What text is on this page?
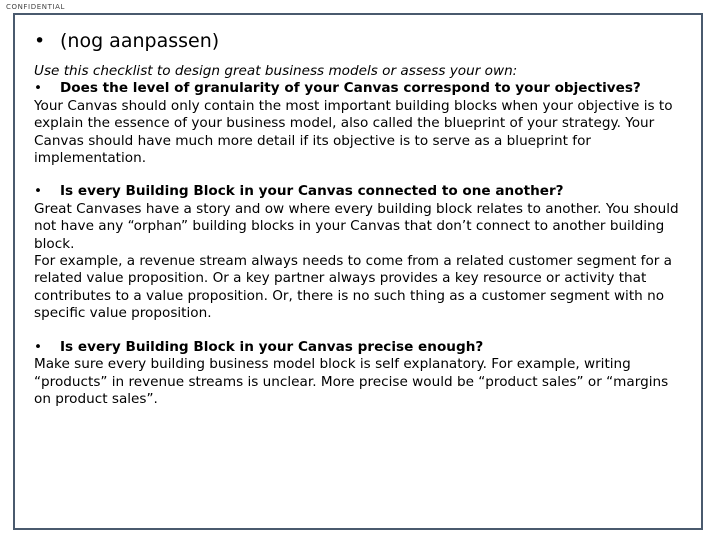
CONFIDENTIAL
• (nog aanpassen)

Use this checklist to design great business models or assess your own:

• Does the level of granularity of your Canvas correspond to your objectives?

Your Canvas should only contain the most important building blocks when your objective is to explain the essence of your business model, also called the blueprint of your strategy. Your Canvas should have much more detail if its objective is to serve as a blueprint for implementation.

• Is every Building Block in your Canvas connected to one another?

Great Canvases have a story and ow where every building block relates to another. You should not have any “orphan” building blocks in your Canvas that don’t connect to another building block.

For example, a revenue stream always needs to come from a related customer segment for a related value proposition. Or a key partner always provides a key resource or activity that contributes to a value proposition. Or, there is no such thing as a customer segment with no specific value proposition.

• Is every Building Block in your Canvas precise enough?

Make sure every building business model block is self explanatory. For example, writing “products” in revenue streams is unclear. More precise would be “product sales” or “margins on product sales”.
